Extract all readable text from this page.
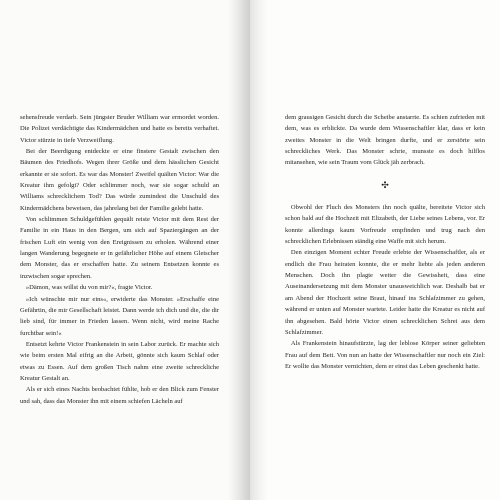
sehensfreude verdarb. Sein jüngster Bruder William war ermordet worden. Die Polizei verdächtigte das Kindermädchen und hatte es bereits verhaftet. Victor stürzte in tiefe Verzweiflung.

Bei der Beerdigung entdeckte er eine finstere Gestalt zwischen den Bäumen des Friedhofs. Wegen ihrer Größe und dem hässlichen Gesicht erkannte er sie sofort. Es war das Monster! Zweifel quälten Victor: War die Kreatur ihm gefolgt? Oder schlimmer noch, war sie sogar schuld an Williams schrecklichem Tod? Das würde zumindest die Unschuld des Kindermädchens beweisen, das jahrelang bei der Familie gelebt hatte.

Von schlimmen Schuldgefühlen gequält reiste Victor mit dem Rest der Familie in ein Haus in den Bergen, um sich auf Spaziergängen an der frischen Luft ein wenig von den Ereignissen zu erholen. Während einer langen Wanderung begegnete er in gefährlicher Höhe auf einem Gletscher dem Monster, das er erschaffen hatte. Zu seinem Entsetzen konnte es inzwischen sogar sprechen.

»Dämon, was willst du von mir?«, fragte Victor.

»Ich wünschte mir nur eins«, erwiderte das Monster. »Erschaffe eine Gefährtin, die mir Gesellschaft leistet. Dann werde ich dich und die, die dir lieb sind, für immer in Frieden lassen. Wenn nicht, wird meine Rache furchtbar sein!«

Entsetzt kehrte Victor Frankenstein in sein Labor zurück. Er machte sich wie beim ersten Mal eifrig an die Arbeit, gönnte sich kaum Schlaf oder etwas zu Essen. Auf dem großen Tisch nahm eine zweite schreckliche Kreatur Gestalt an.

Als er sich eines Nachts beobachtet fühlte, hob er den Blick zum Fenster und sah, dass das Monster ihn mit einem schiefen Lächeln auf

dem grausigen Gesicht durch die Scheibe anstarrte. Es schien zufrieden mit dem, was es erblickte. Da wurde dem Wissenschaftler klar, dass er kein zweites Monster in die Welt bringen durfte, und er zerstörte sein schreckliches Werk. Das Monster schrie, munsste es doch hilflos mitansehen, wie sein Traum vom Glück jäh zerbrach.

✣

Obwohl der Fluch des Monsters ihn noch quälte, bereitete Victor sich schon bald auf die Hochzeit mit Elizabeth, der Liebe seines Lebens, vor. Er konnte allerdings kaum Vorfreude empfinden und trug nach den schrecklichen Erlebnissen ständig eine Waffe mit sich herum.

Den einzigen Moment echter Freude erlebte der Wissenschaftler, als er endlich die Frau heiraten konnte, die er mehr liebte als jeden anderen Menschen. Doch ihn plagte weiter die Gewissheit, dass eine Auseinandersetzung mit dem Monster unausweichlich war. Deshalb bat er am Abend der Hochzeit seine Braut, hinauf ins Schlafzimmer zu gehen, während er unten auf Monster wartete. Leider hatte die Kreatur es nicht auf ihn abgesehen. Bald hörte Victor einen schrecklichen Schrei aus dem Schlafzimmer.

Als Frankenstein hinaufstürzte, lag der leblose Körper seiner geliebten Frau auf dem Bett. Von nun an hatte der Wissenschaftler nur noch ein Ziel: Er wollte das Monster vernichten, dem er einst das Leben geschenkt hatte.
